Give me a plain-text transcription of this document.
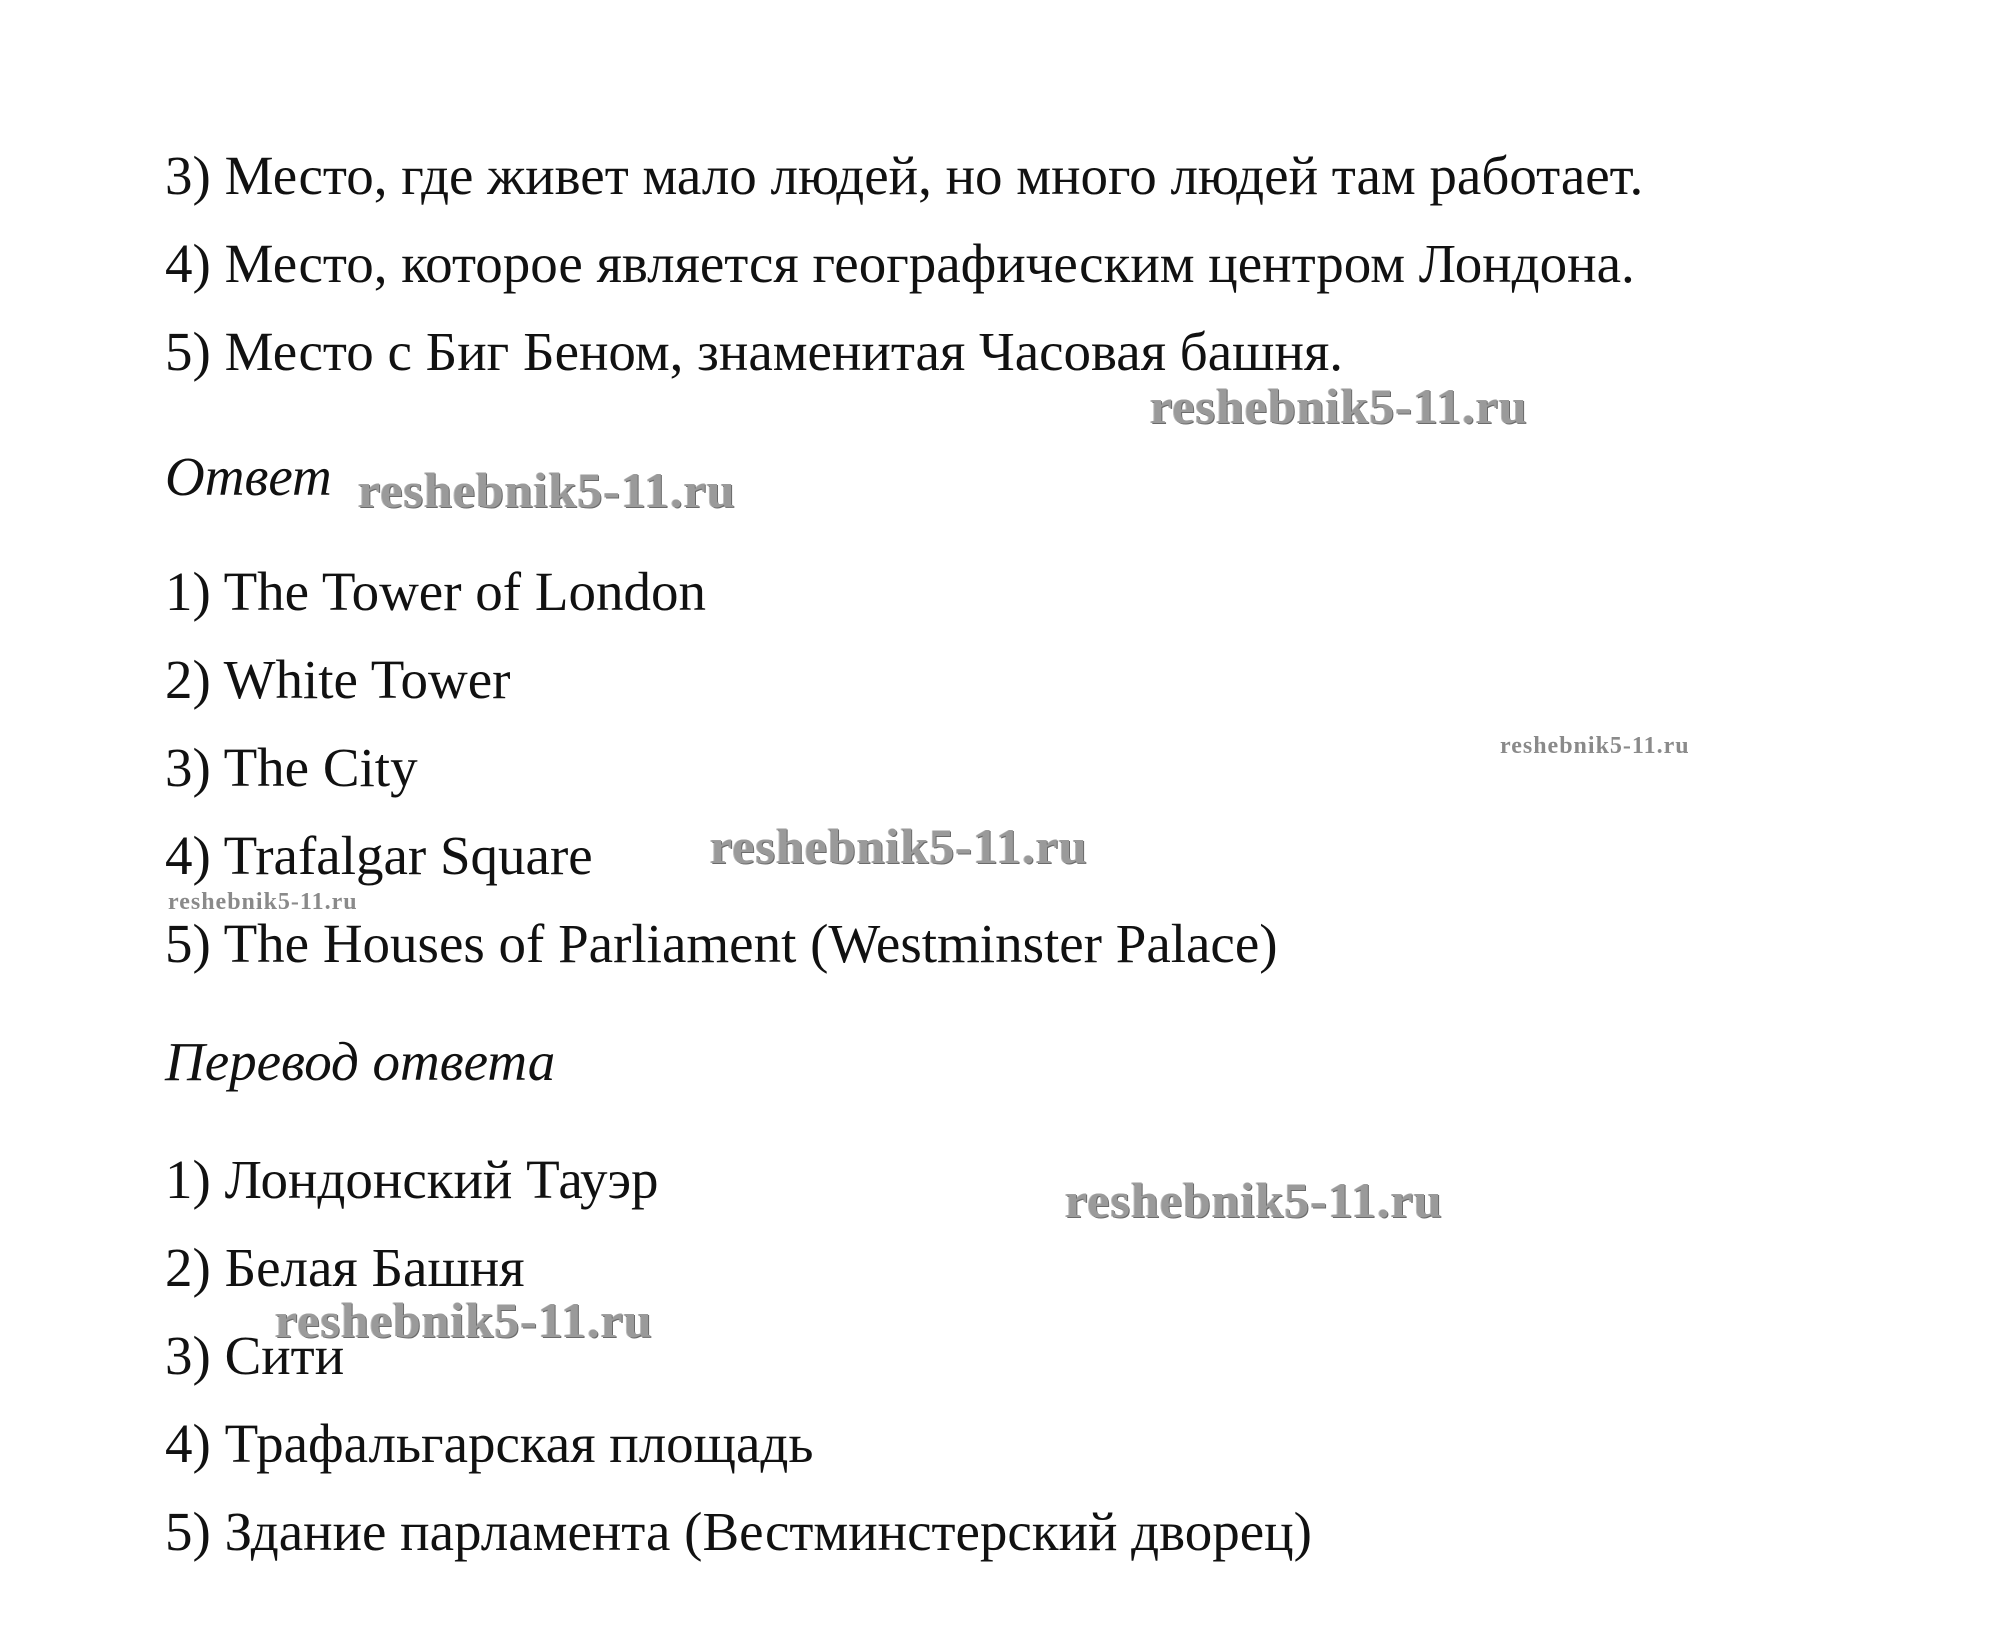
3) Место, где живет мало людей, но много людей там работает.
4) Место, которое является географическим центром Лондона.
5) Место с Биг Беном, знаменитая Часовая башня.
Ответ
1) The Tower of London
2) White Tower
3) The City
4) Trafalgar Square
5) The Houses of Parliament (Westminster Palace)
Перевод ответа
1) Лондонский Тауэр
2) Белая Башня
3) Сити
4) Трафальгарская площадь
5) Здание парламента (Вестминстерский дворец)
reshebnik5-11.ru
reshebnik5-11.ru
reshebnik5-11.ru
reshebnik5-11.ru
reshebnik5-11.ru
reshebnik5-11.ru
reshebnik5-11.ru
